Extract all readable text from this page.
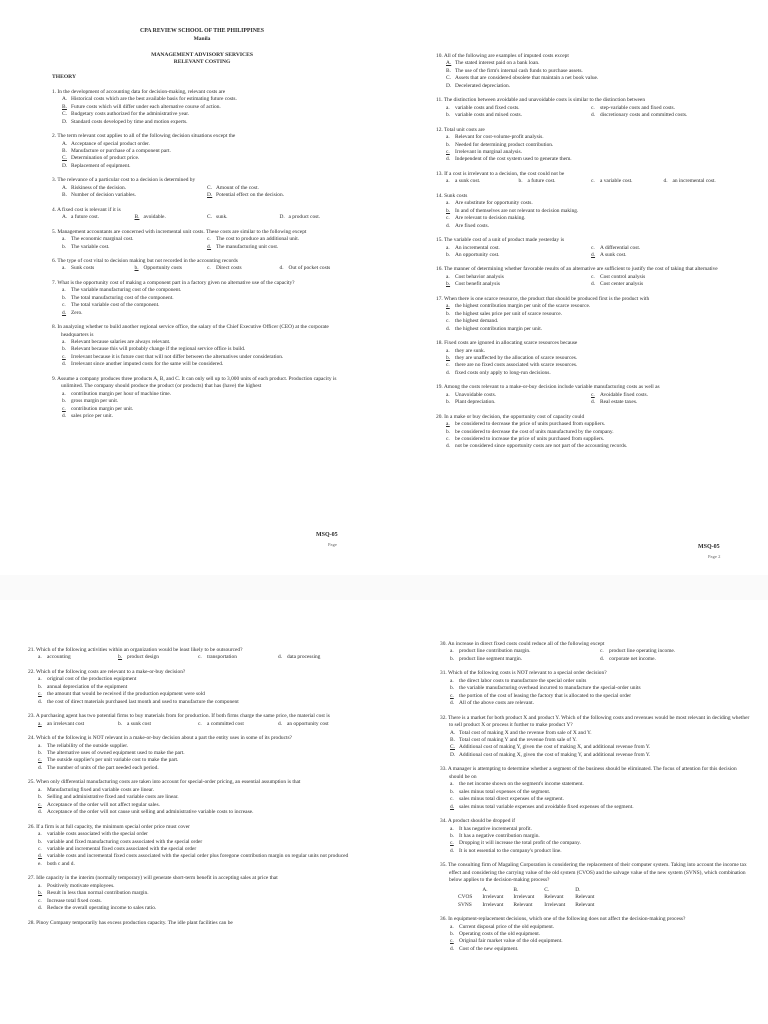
CPA REVIEW SCHOOL OF THE PHILIPPINES
Manila
MANAGEMENT ADVISORY SERVICES
RELEVANT COSTING
THEORY
1. In the development of accounting data for decision-making, relevant costs are
A. Historical costs which are the best available basis for estimating future costs.
B. Future costs which will differ under each alternative course of action.
C. Budgetary costs authorized for the administrative year.
D. Standard costs developed by time and motion experts.
2. The term relevant cost applies to all of the following decision situations except the
A. Acceptance of special product order.
B. Manufacture or purchase of a component part.
C. Determination of product price.
D. Replacement of equipment.
3. The relevance of a particular cost to a decision is determined by
A. Riskiness of the decision.	C. Amount of the cost.
B. Number of decision variables.	D. Potential effect on the decision.
4. A fixed cost is relevant if it is
A. a future cost.	B. avoidable.	C. sunk.	D. a product cost.
5. Management accountants are concerned with incremental unit costs. These costs are similar to the following except
a. The economic marginal cost.	c. The cost to produce an additional unit.
b. The variable cost.	d. The manufacturing unit cost.
6. The type of cost vital to decision making but not recorded in the accounting records
a. Sunk costs	b. Opportunity costs	c. Direct costs	d. Out of pocket costs
7. What is the opportunity cost of making a component part in a factory given no alternative use of the capacity?
a. The variable manufacturing cost of the component.
b. The total manufacturing cost of the component.
c. The total variable cost of the component.
d. Zero.
8. In analyzing whether to build another regional service office, the salary of the Chief Executive Officer (CEO) at the corporate headquarters is
a. Relevant because salaries are always relevant.
b. Relevant because this will probably change if the regional service office is build.
c. Irrelevant because it is future cost that will not differ between the alternatives under consideration.
d. Irrelevant since another imputed costs for the same will be considered.
9. Assume a company produces three products A, B, and C. It can only sell up to 3,000 units of each product. Production capacity is unlimited. The company should produce the product (or products) that has (have) the highest
a. contribution margin per hour of machine time.
b. gross margin per unit.
c. contribution margin per unit.
d. sales price per unit.
MSQ-05
Page
10. All of the following are examples of imputed costs except
A. The stated interest paid on a bank loan.
B. The use of the firm's internal cash funds to purchase assets.
C. Assets that are considered obsolete that maintain a net book value.
D. Decelerated depreciation.
11. The distinction between avoidable and unavoidable costs is similar to the distinction between
a. variable costs and fixed costs.	c. step-variable costs and fixed costs.
b. variable costs and mixed costs.	d. discretionary costs and committed costs.
12. Total unit costs are
a. Relevant for cost-volume-profit analysis.
b. Needed for determining product contribution.
c. Irrelevant in marginal analysis.
d. Independent of the cost system used to generate them.
13. If a cost is irrelevant to a decision, the cost could not be
a. a sunk cost.	b. a future cost.	c. a variable cost.	d. an incremental cost.
14. Sunk costs
a. Are substitute for opportunity costs.
b. In and of themselves are not relevant to decision making.
c. Are relevant to decision making.
d. Are fixed costs.
15. The variable cost of a unit of product made yesterday is
a. An incremental cost.	c. A differential cost.
b. An opportunity cost.	d. A sunk cost.
16. The manner of determining whether favorable results of an alternative are sufficient to justify the cost of taking that alternative
a. Cost behavior analysis	c. Cost control analysis
b. Cost benefit analysis	d. Cost center analysis
17. When there is one scarce resource, the product that should be produced first is the product with
a. the highest contribution margin per unit of the scarce resource.
b. the highest sales price per unit of scarce resource.
c. the highest demand.
d. the highest contribution margin per unit.
18. Fixed costs are ignored in allocating scarce resources because
a. they are sunk.
b. they are unaffected by the allocation of scarce resources.
c. there are no fixed costs associated with scarce resources.
d. fixed costs only apply to long-run decisions.
19. Among the costs relevant to a make-or-buy decision include variable manufacturing costs as well as
a. Unavoidable costs.	c. Avoidable fixed costs.
b. Plant depreciation.	d. Real estate taxes.
20. In a make or buy decision, the opportunity cost of capacity could
a. be considered to decrease the price of units purchased from suppliers.
b. be considered to decrease the cost of units manufactured by the company.
c. be considered to increase the price of units purchased from suppliers.
d. not be considered since opportunity costs are not part of the accounting records.
MSQ-05
Page 2
21. Which of the following activities within an organization would be least likely to be outsourced?
a. accounting	b. product design	c. transportation	d. data processing
22. Which of the following costs are relevant to a make-or-buy decision?
a. original cost of the production equipment
b. annual depreciation of the equipment
c. the amount that would be received if the production equipment were sold
d. the cost of direct materials purchased last month and used to manufacture the component
23. A purchasing agent has two potential firms to buy materials from for production. If both firms charge the same price, the material cost is
a. an irrelevant cost	b. a sunk cost	c. a committed cost	d. an opportunity cost
24. Which of the following is NOT relevant in a make-or-buy decision about a part the entity uses in some of its products?
a. The reliability of the outside supplier.
b. The alternative uses of owned equipment used to make the part.
c. The outside supplier's per unit variable cost to make the part.
d. The number of units of the part needed each period.
25. When only differential manufacturing costs are taken into account for special-order pricing, an essential assumption is that
a. Manufacturing fixed and variable costs are linear.
b. Selling and administrative fixed and variable costs are linear.
c. Acceptance of the order will not affect regular sales.
d. Acceptance of the order will not cause unit selling and administrative variable costs to increase.
26. If a firm is at full capacity, the minimum special order price must cover
a. variable costs associated with the special order
b. variable and fixed manufacturing costs associated with the special order
c. variable and incremental fixed costs associated with the special order
d. variable costs and incremental fixed costs associated with the special order plus foregone contribution margin on regular units not produced
e. both c and d.
27. Idle capacity in the interim (normally temporary) will generate short-term benefit in accepting sales at price that
a. Positively motivate employees.
b. Result in less than normal contribution margin.
c. Increase total fixed costs.
d. Reduce the overall operating income to sales ratio.
28. Pinoy Company temporarily has excess production capacity. The idle plant facilities can be
30. An increase in direct fixed costs could reduce all of the following except
a. product line contribution margin.	c. product line operating income.
b. product line segment margin.	d. corporate net income.
31. Which of the following costs is NOT relevant to a special order decision?
a. the direct labor costs to manufacture the special order units
b. the variable manufacturing overhead incurred to manufacture the special-order units
c. the portion of the cost of leasing the factory that is allocated to the special order
d. All of the above costs are relevant.
32. There is a market for both product X and product Y. Which of the following costs and revenues would be most relevant in deciding whether to sell product X or process it further to make product Y?
A. Total cost of making X and the revenue from sale of X and Y.
B. Total cost of making Y and the revenue from sale of Y.
C. Additional cost of making Y, given the cost of making X, and additional revenue from Y.
D. Additional cost of making X, given the cost of making Y, and additional revenue from Y.
33. A manager is attempting to determine whether a segment of the business should be eliminated. The focus of attention for this decision should be on
a. the net income shown on the segment's income statement.
b. sales minus total expenses of the segment.
c. sales minus total direct expenses of the segment.
d. sales minus total variable expenses and avoidable fixed expenses of the segment.
34. A product should be dropped if
a. It has negative incremental profit.
b. It has a negative contribution margin.
c. Dropping it will increase the total profit of the company.
d. It is not essential to the company's product line.
35. The consulting firm of Magaling Corporation is considering the replacement of their computer system. Taking into account the income tax effect and considering the carrying value of the old system (CVOS) and the salvage value of the new system (SVNS), which combination below applies to the decision-making process?
	A.	B.	C.	D.
CVOS	Irrelevant	Irrelevant	Relevant	Relevant
SVNS	Irrelevant	Relevant	Irrelevant	Relevant
36. In equipment-replacement decisions, which one of the following does not affect the decision-making process?
a. Current disposal price of the old equipment.
b. Operating costs of the old equipment.
c. Original fair market value of the old equipment.
d. Cost of the new equipment.
